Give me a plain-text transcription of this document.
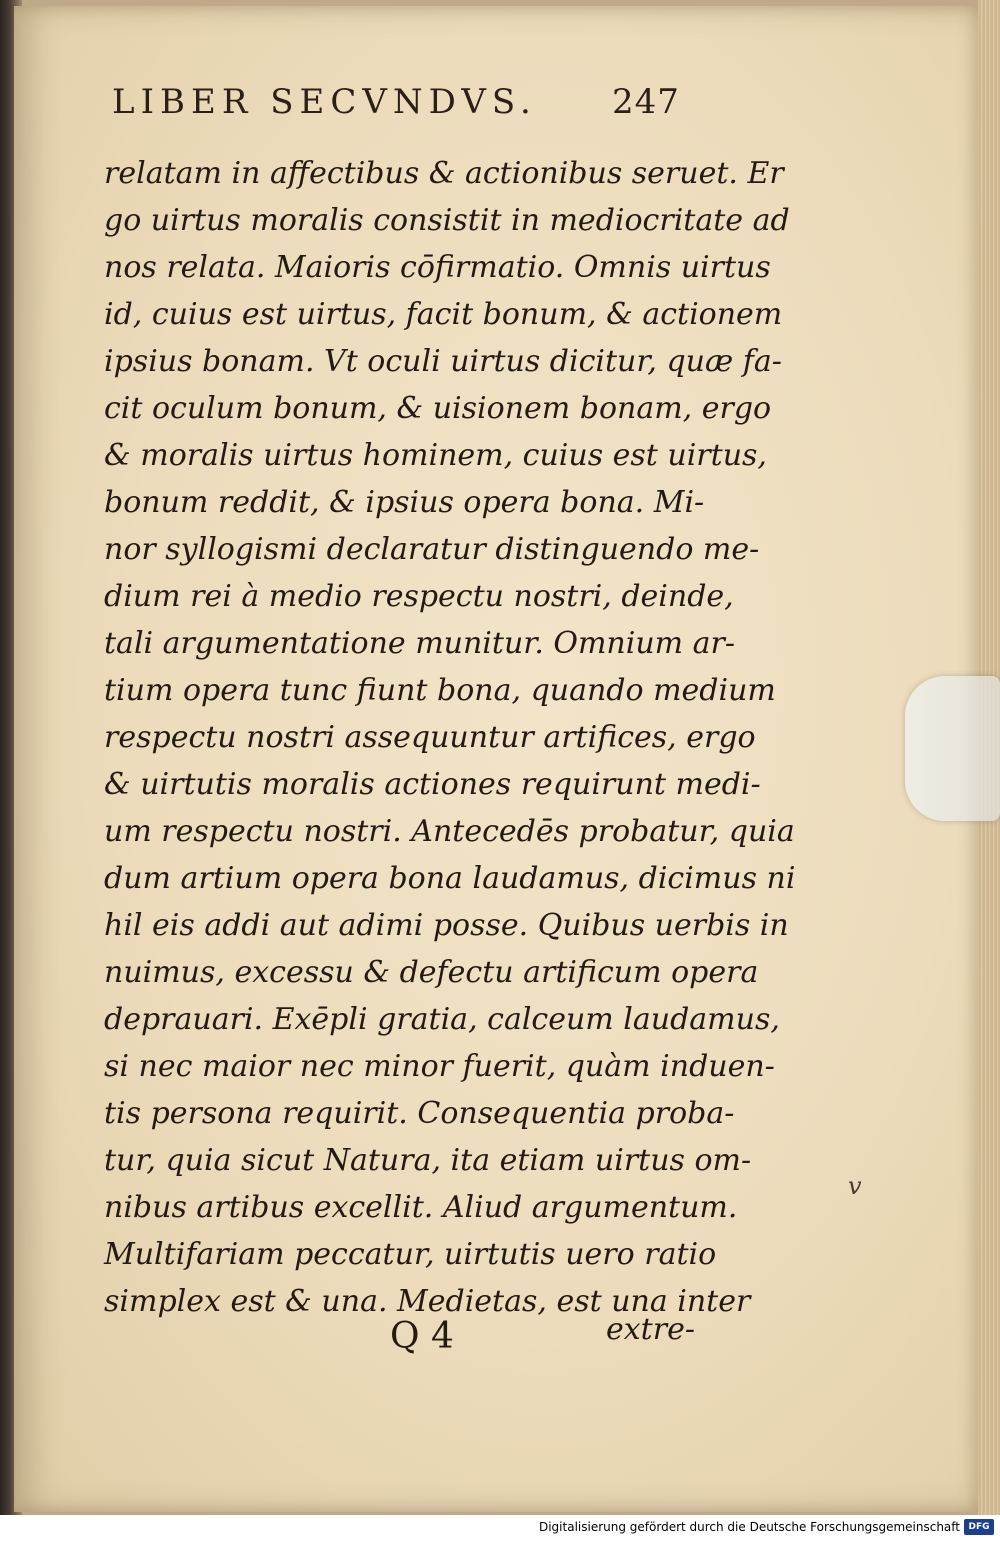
LIBER SECVNDVS. 247
relatam in affectibus & actionibus seruet. Er
go uirtus moralis consistit in mediocritate ad
nos relata. Maioris cōfirmatio. Omnis uirtus
id, cuius est uirtus, facit bonum, & actionem
ipsius bonam. Vt oculi uirtus dicitur, quæ fa-
cit oculum bonum, & uisionem bonam, ergo
& moralis uirtus hominem, cuius est uirtus,
bonum reddit, & ipsius opera bona. Mi-
nor syllogismi declaratur distinguendo me-
dium rei à medio respectu nostri, deinde,
tali argumentatione munitur. Omnium ar-
tium opera tunc fiunt bona, quando medium
respectu nostri assequuntur artifices, ergo
& uirtutis moralis actiones requirunt medi-
um respectu nostri. Antecedēs probatur, quia
dum artium opera bona laudamus, dicimus ni
hil eis addi aut adimi posse. Quibus uerbis in
nuimus, excessu & defectu artificum opera
deprauari. Exēpli gratia, calceum laudamus,
si nec maior nec minor fuerit, quàm induen-
tis persona requirit. Consequentia proba-
tur, quia sicut Natura, ita etiam uirtus om-
nibus artibus excellit. Aliud argumentum.
Multifariam peccatur, uirtutis uero ratio
simplex est & una. Medietas, est una inter
Q 4	extre-
v
Digitalisierung gefördert durch die Deutsche Forschungsgemeinschaft DFG
